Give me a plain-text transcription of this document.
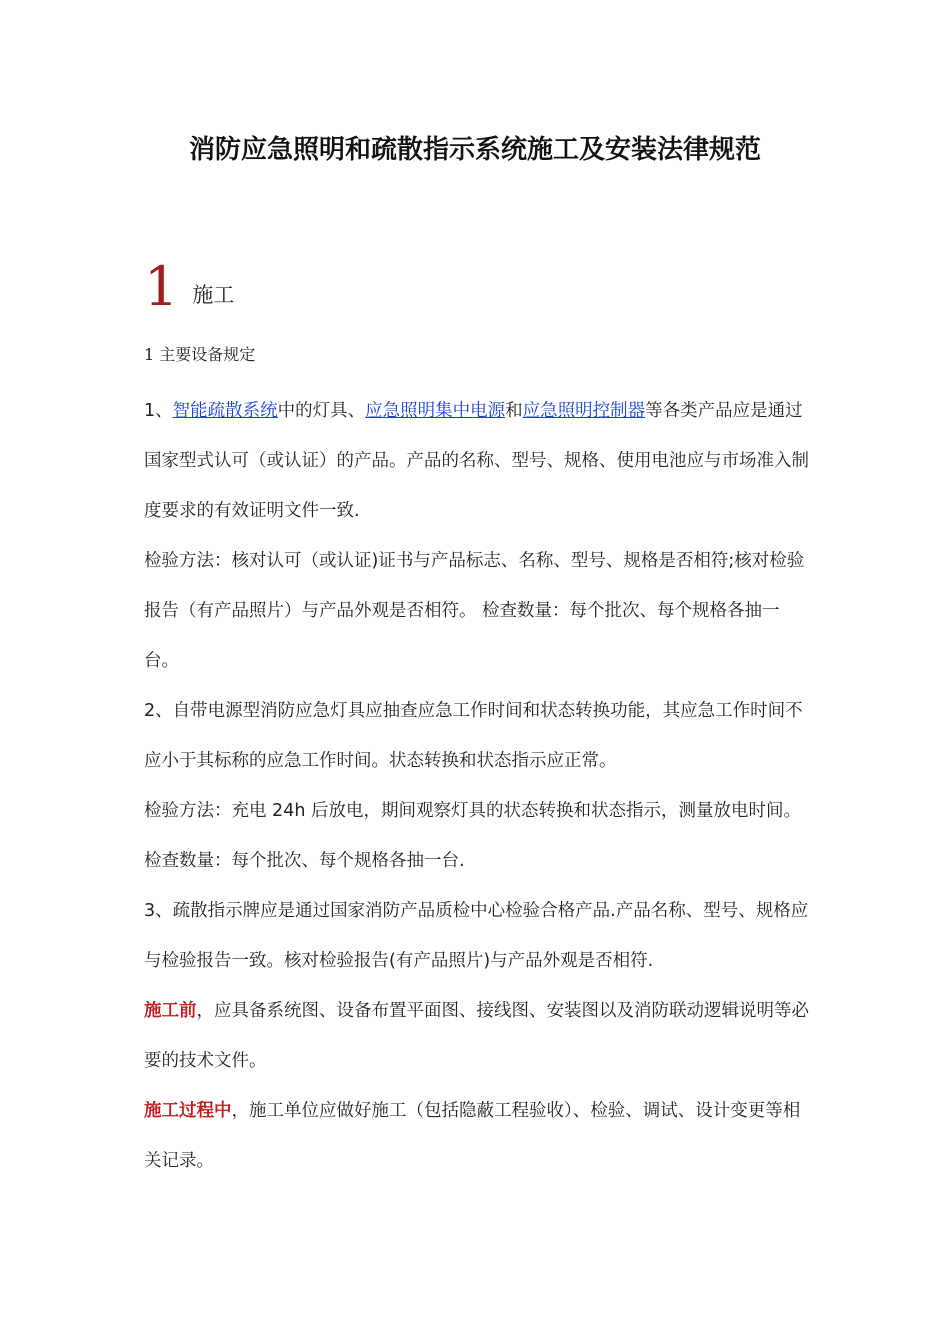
消防应急照明和疏散指示系统施工及安装法律规范
1 施工
1 主要设备规定

1、智能疏散系统中的灯具、应急照明集中电源和应急照明控制器等各类产品应是通过国家型式认可（或认证）的产品。产品的名称、型号、规格、使用电池应与市场准入制度要求的有效证明文件一致.

检验方法：核对认可（或认证)证书与产品标志、名称、型号、规格是否相符;核对检验报告（有产品照片）与产品外观是否相符。 检查数量：每个批次、每个规格各抽一台。

2、自带电源型消防应急灯具应抽查应急工作时间和状态转换功能，其应急工作时间不应小于其标称的应急工作时间。状态转换和状态指示应正常。

检验方法：充电 24h 后放电，期间观察灯具的状态转换和状态指示，测量放电时间。 检查数量：每个批次、每个规格各抽一台.

3、疏散指示牌应是通过国家消防产品质检中心检验合格产品.产品名称、型号、规格应与检验报告一致。核对检验报告(有产品照片)与产品外观是否相符.

施工前，应具备系统图、设备布置平面图、接线图、安装图以及消防联动逻辑说明等必要的技术文件。

施工过程中，施工单位应做好施工（包括隐蔽工程验收）、检验、调试、设计变更等相关记录。
